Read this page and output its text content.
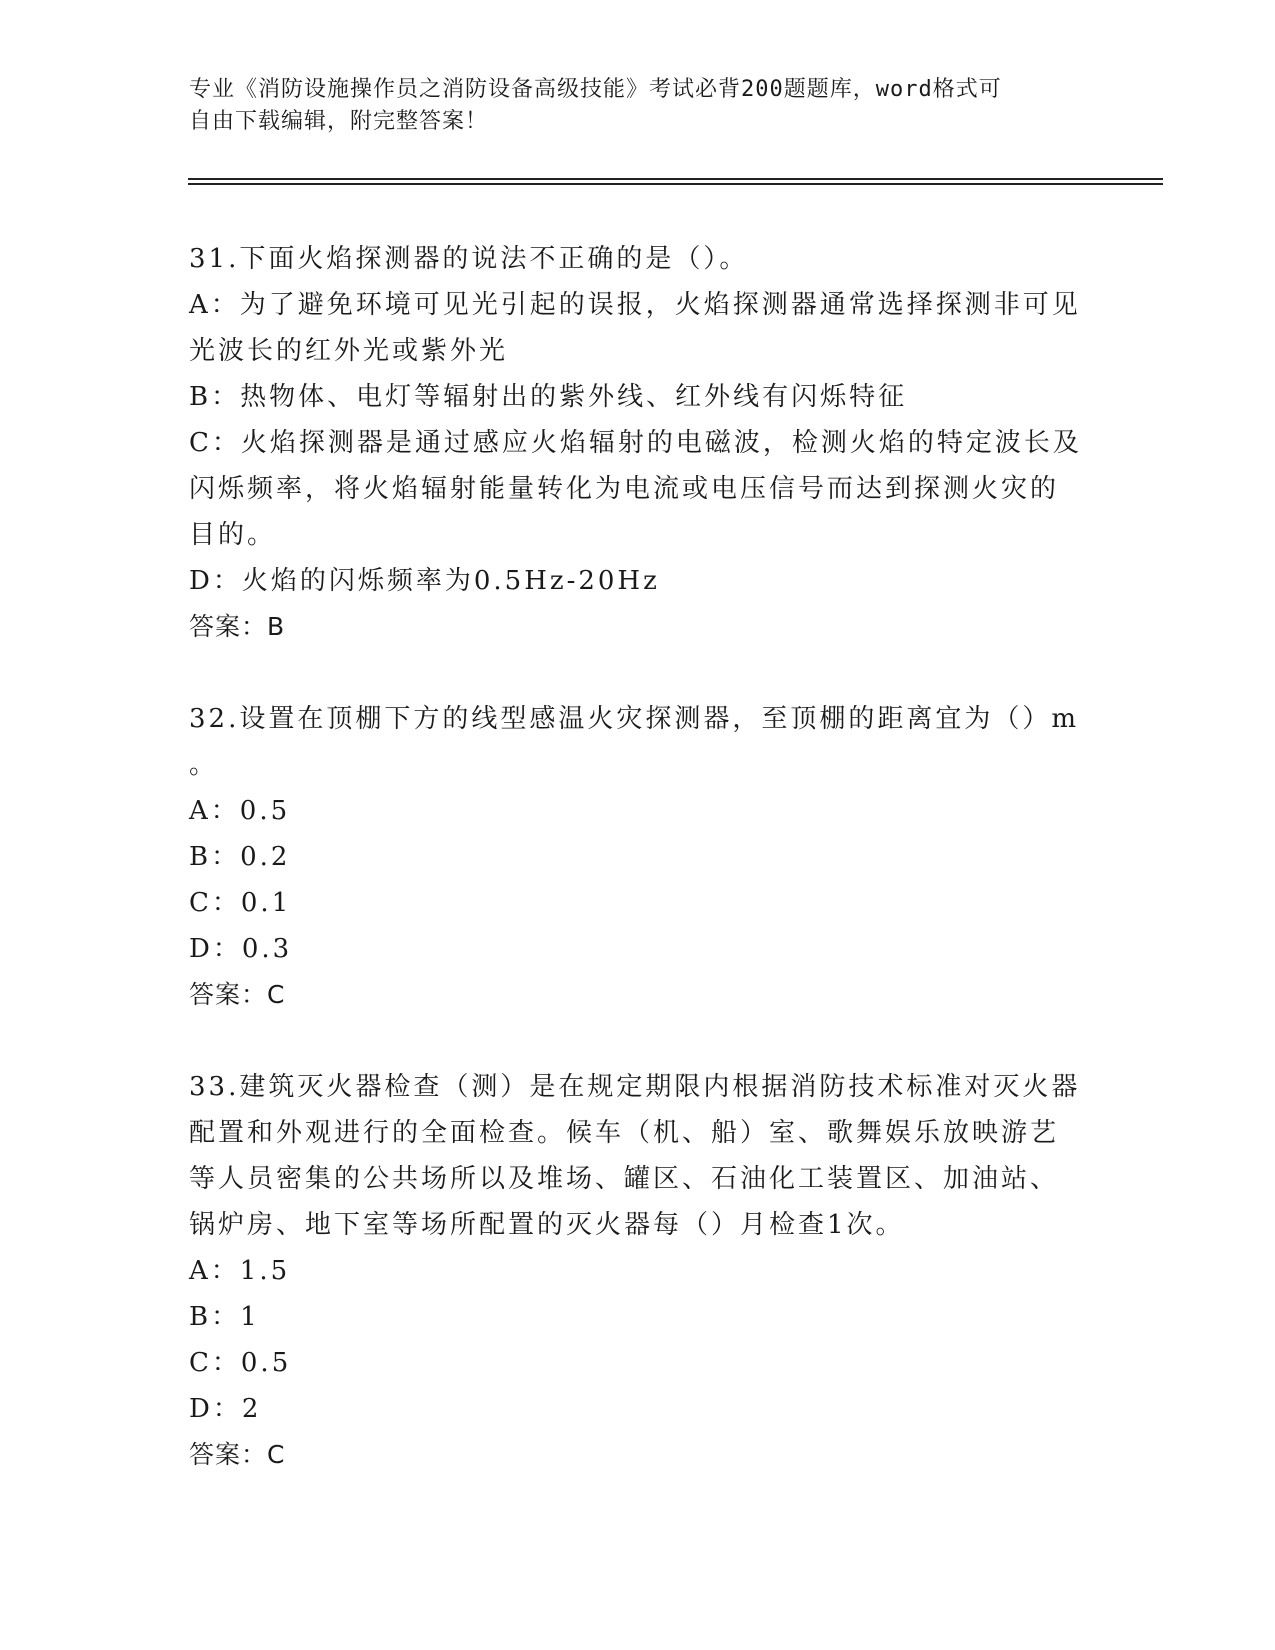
专业《消防设施操作员之消防设备高级技能》考试必背200题题库，word格式可
自由下载编辑，附完整答案！

31.下面火焰探测器的说法不正确的是（）。

A：为了避免环境可见光引起的误报，火焰探测器通常选择探测非可见

光波长的红外光或紫外光

B：热物体、电灯等辐射出的紫外线、红外线有闪烁特征

C：火焰探测器是通过感应火焰辐射的电磁波，检测火焰的特定波长及

闪烁频率，将火焰辐射能量转化为电流或电压信号而达到探测火灾的

目的。

D：火焰的闪烁频率为0.5Hz-20Hz

答案：B

32.设置在顶棚下方的线型感温火灾探测器，至顶棚的距离宜为（）m

。

A：0.5

B：0.2

C：0.1

D：0.3

答案：C

33.建筑灭火器检查（测）是在规定期限内根据消防技术标准对灭火器

配置和外观进行的全面检查。候车（机、船）室、歌舞娱乐放映游艺

等人员密集的公共场所以及堆场、罐区、石油化工装置区、加油站、

锅炉房、地下室等场所配置的灭火器每（）月检查1次。

A：1.5

B：1

C：0.5

D：2

答案：C
